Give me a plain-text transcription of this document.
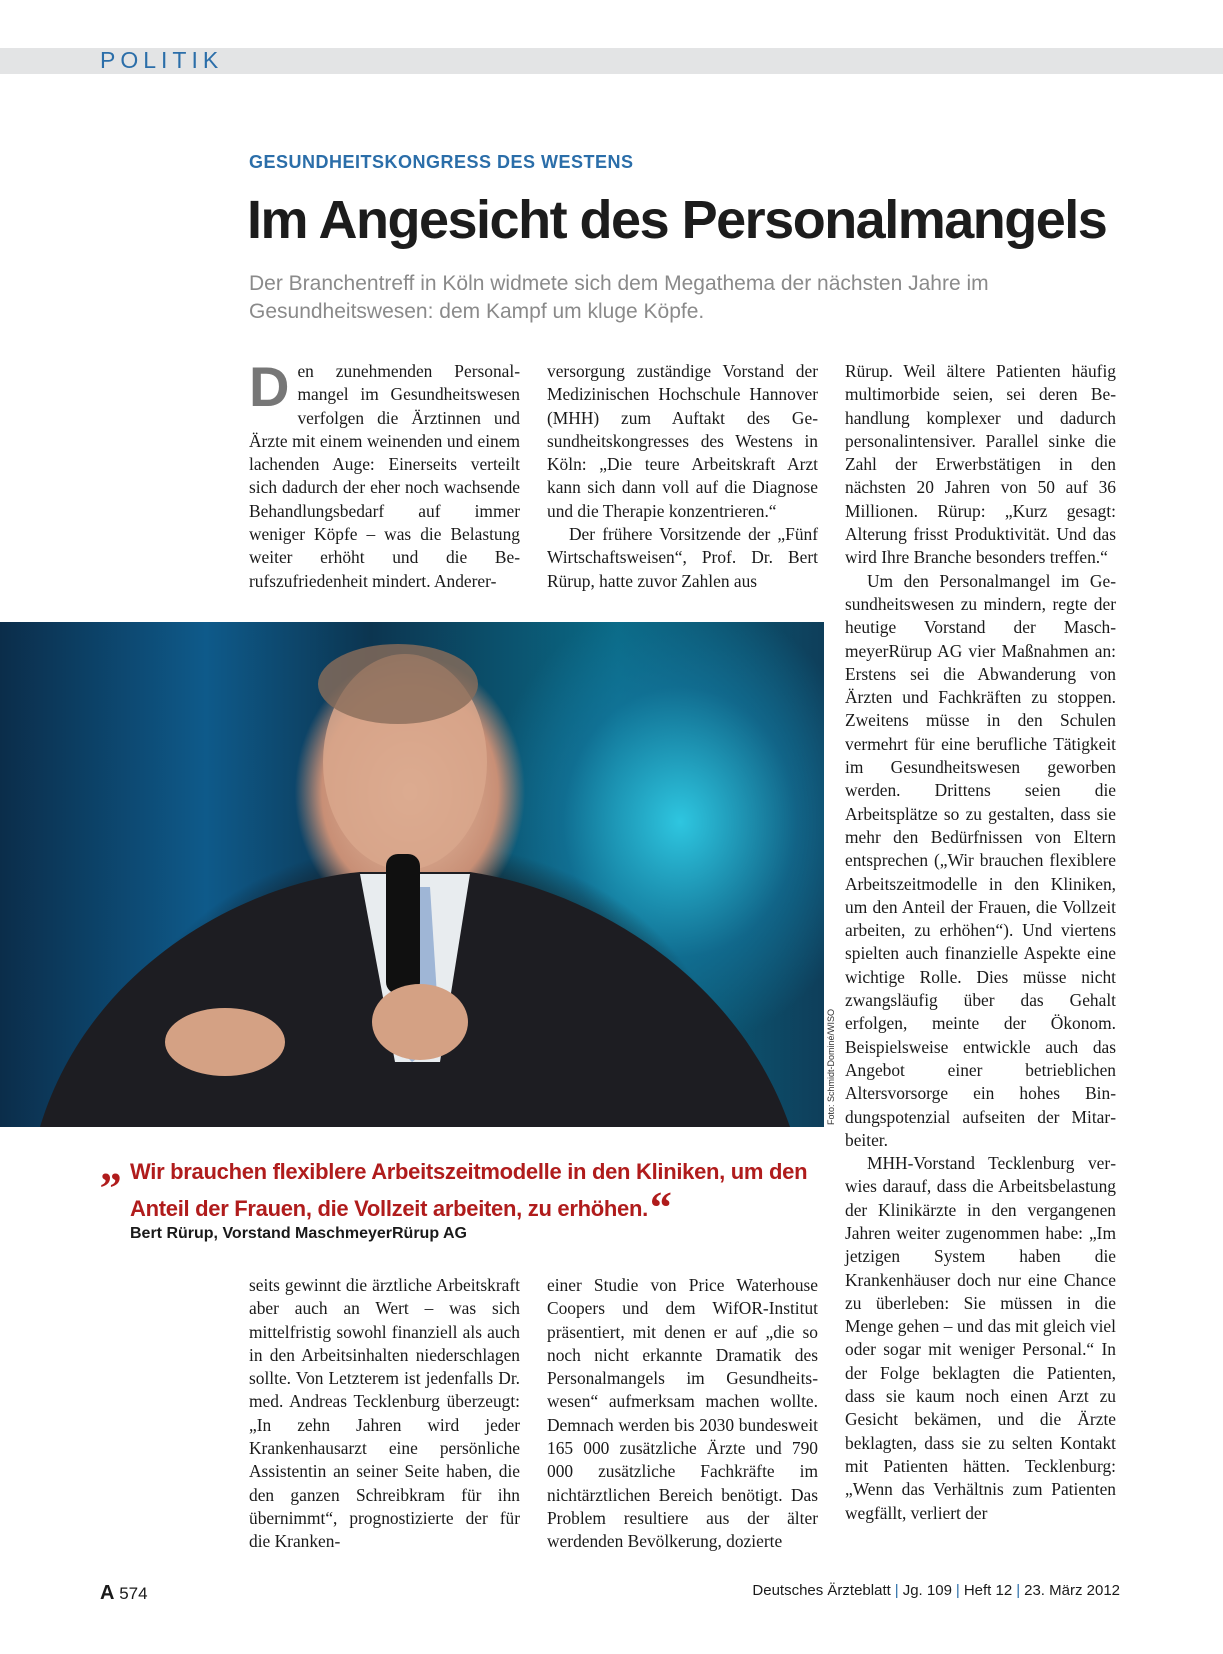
POLITIK
GESUNDHEITSKONGRESS DES WESTENS
Im Angesicht des Personalmangels
Der Branchentreff in Köln widmete sich dem Megathema der nächsten Jahre im Gesundheitswesen: dem Kampf um kluge Köpfe.

Den zunehmenden Personalmangel im Gesundheitswesen verfolgen die Ärztinnen und Ärzte mit einem weinenden und einem lachenden Auge: Einerseits verteilt sich dadurch der eher noch wachsende Behandlungsbedarf auf immer weniger Köpfe – was die Belastung weiter erhöht und die Berufszufriedenheit mindert. Anderer-

versorgung zuständige Vorstand der Medizinischen Hochschule Hannover (MHH) zum Auftakt des Gesundheitskongresses des Westens in Köln: „Die teure Arbeitskraft Arzt kann sich dann voll auf die Diagnose und die Therapie konzentrieren.“

Der frühere Vorsitzende der „Fünf Wirtschaftsweisen“, Prof. Dr. Bert Rürup, hatte zuvor Zahlen aus

Rürup. Weil ältere Patienten häufig multimorbide seien, sei deren Behandlung komplexer und dadurch personalintensiver. Parallel sinke die Zahl der Erwerbstätigen in den nächsten 20 Jahren von 50 auf 36 Millionen. Rürup: „Kurz gesagt: Alterung frisst Produktivität. Und das wird Ihre Branche besonders treffen.“

Um den Personalmangel im Gesundheitswesen zu mindern, regte der heutige Vorstand der MaschmeyerRürup AG vier Maßnahmen an: Erstens sei die Abwanderung von Ärzten und Fachkräften zu stoppen. Zweitens müsse in den Schulen vermehrt für eine berufliche Tätigkeit im Gesundheitswesen geworben werden. Drittens seien die Arbeitsplätze so zu gestalten, dass sie mehr den Bedürfnissen von Eltern entsprechen („Wir brauchen flexiblere Arbeitszeitmodelle in den Kliniken, um den Anteil der Frauen, die Vollzeit arbeiten, zu erhöhen“). Und viertens spielten auch finanzielle Aspekte eine wichtige Rolle. Dies müsse nicht zwangsläufig über das Gehalt erfolgen, meinte der Ökonom. Beispielsweise entwickle auch das Angebot einer betrieblichen Altersvorsorge ein hohes Bindungspotenzial aufseiten der Mitarbeiter.

MHH-Vorstand Tecklenburg verwies darauf, dass die Arbeitsbelastung der Klinikärzte in den vergangenen Jahren weiter zugenommen habe: „Im jetzigen System haben die Krankenhäuser doch nur eine Chance zu überleben: Sie müssen in die Menge gehen – und das mit gleich viel oder sogar mit weniger Personal.“ In der Folge beklagten die Patienten, dass sie kaum noch einen Arzt zu Gesicht bekämen, und die Ärzte beklagten, dass sie zu selten Kontakt mit Patienten hätten. Tecklenburg: „Wenn das Verhältnis zum Patienten wegfällt, verliert der

Foto: Schmidt-Dominé/WISO
„ Wir brauchen flexiblere Arbeitszeitmodelle in den Kliniken, um den Anteil der Frauen, die Vollzeit arbeiten, zu erhöhen.“
Bert Rürup, Vorstand MaschmeyerRürup AG

seits gewinnt die ärztliche Arbeitskraft aber auch an Wert – was sich mittelfristig sowohl finanziell als auch in den Arbeitsinhalten niederschlagen sollte. Von Letzterem ist jedenfalls Dr. med. Andreas Tecklenburg überzeugt: „In zehn Jahren wird jeder Krankenhausarzt eine persönliche Assistentin an seiner Seite haben, die den ganzen Schreibkram für ihn übernimmt“, prognostizierte der für die Kranken-

einer Studie von Price Waterhouse Coopers und dem WifOR-Institut präsentiert, mit denen er auf „die so noch nicht erkannte Dramatik des Personalmangels im Gesundheitswesen“ aufmerksam machen wollte. Demnach werden bis 2030 bundesweit 165 000 zusätzliche Ärzte und 790 000 zusätzliche Fachkräfte im nichtärztlichen Bereich benötigt. Das Problem resultiere aus der älter werdenden Bevölkerung, dozierte

A 574	Deutsches Ärzteblatt | Jg. 109 | Heft 12 | 23. März 2012
